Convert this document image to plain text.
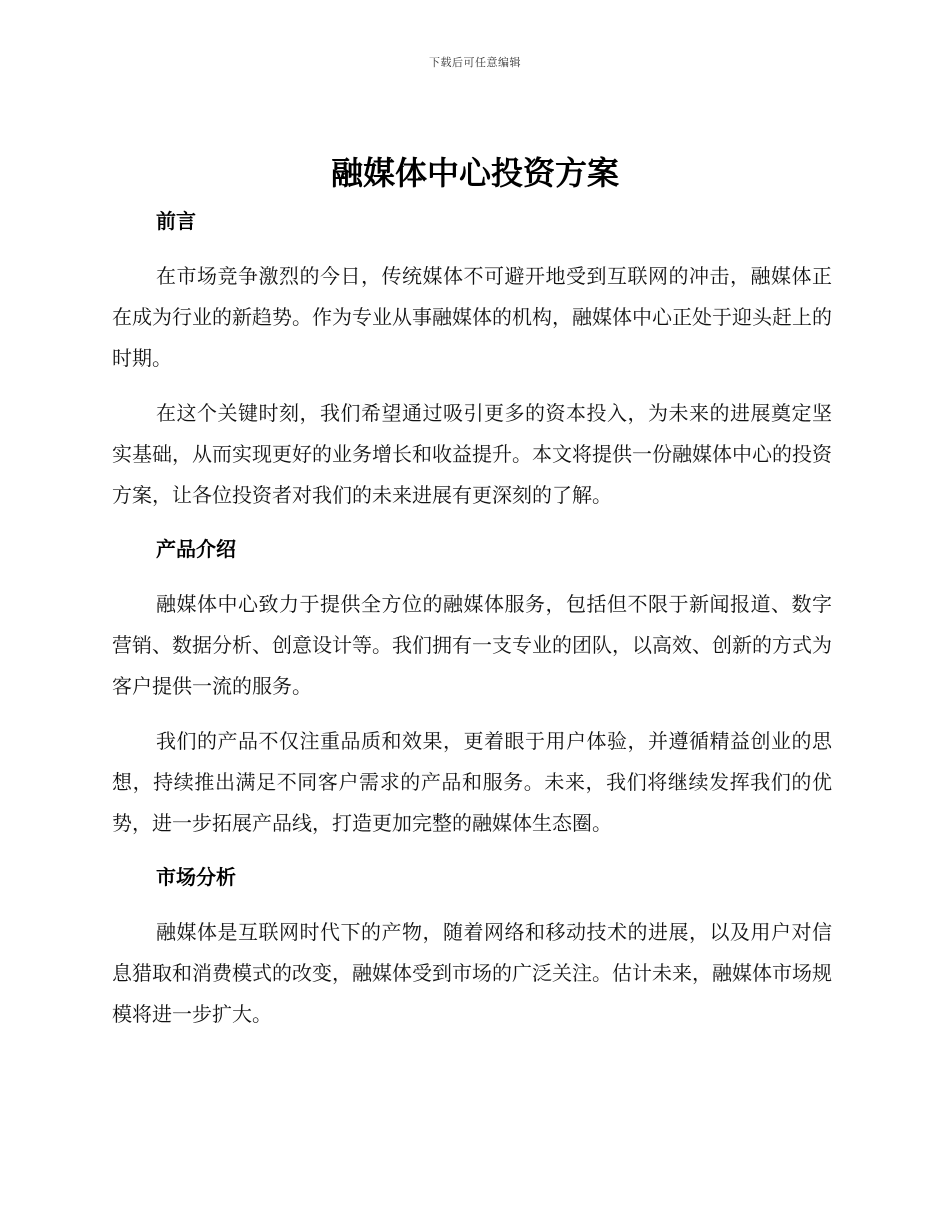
下载后可任意编辑
融媒体中心投资方案
前言

在市场竞争激烈的今日，传统媒体不可避开地受到互联网的冲击，融媒体正在成为行业的新趋势。作为专业从事融媒体的机构，融媒体中心正处于迎头赶上的时期。

在这个关键时刻，我们希望通过吸引更多的资本投入，为未来的进展奠定坚实基础，从而实现更好的业务增长和收益提升。本文将提供一份融媒体中心的投资方案，让各位投资者对我们的未来进展有更深刻的了解。

产品介绍

融媒体中心致力于提供全方位的融媒体服务，包括但不限于新闻报道、数字营销、数据分析、创意设计等。我们拥有一支专业的团队，以高效、创新的方式为客户提供一流的服务。

我们的产品不仅注重品质和效果，更着眼于用户体验，并遵循精益创业的思想，持续推出满足不同客户需求的产品和服务。未来，我们将继续发挥我们的优势，进一步拓展产品线，打造更加完整的融媒体生态圈。

市场分析

融媒体是互联网时代下的产物，随着网络和移动技术的进展，以及用户对信息猎取和消费模式的改变，融媒体受到市场的广泛关注。估计未来，融媒体市场规模将进一步扩大。
